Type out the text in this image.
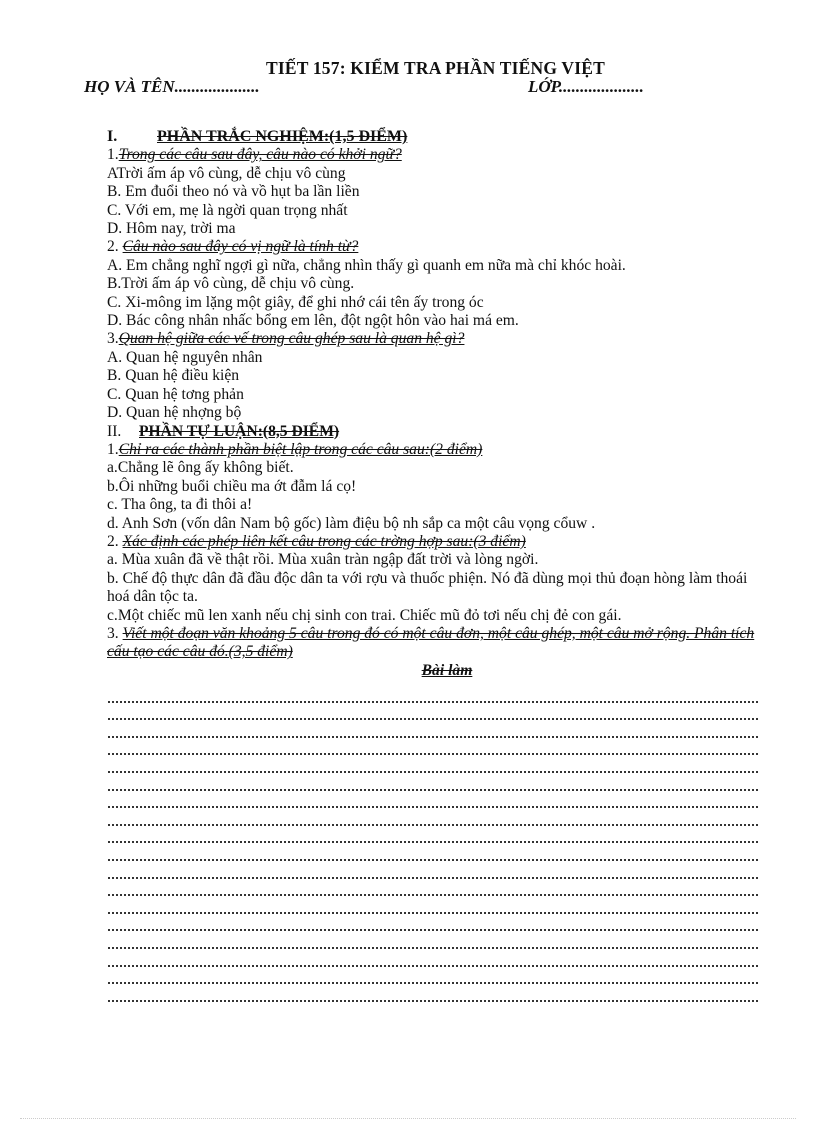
TIẾT 157: KIỂM TRA PHẦN TIẾNG VIỆT
HỌ VÀ TÊN....................	LỚP....................
I.	PHẦN TRẮC NGHIỆM:(1,5 ĐIỂM)
1.Trong các câu sau đây, câu nào có khởi ngữ?
ATrời ấm áp vô cùng, dễ chịu vô cùng
B. Em đuổi theo nó và vồ hụt ba lần liền
C. Với em, mẹ là ngời quan trọng nhất
D. Hôm nay, trời ma
2. Câu nào sau đây có vị ngữ là tính từ?
A. Em chẳng nghĩ ngợi gì nữa, chẳng nhìn thấy gì quanh em nữa mà chỉ khóc hoài.
B.Trời ấm áp vô cùng, dễ chịu vô cùng.
C. Xi-mông im lặng một giây, để ghi nhớ cái tên ấy trong óc
D. Bác công nhân nhấc bổng em lên, đột ngột hôn vào hai má em.
3.Quan hệ giữa các vế trong câu ghép sau là quan hệ gì?
A. Quan hệ nguyên nhân
B. Quan hệ điều kiện
C. Quan hệ tơng phản
D. Quan hệ nhợng bộ
II.	PHẦN TỰ LUẬN:(8,5 ĐIỂM)
1.Chỉ ra các thành phần biệt lập trong các câu sau:(2 điểm)
a.Chẳng lẽ ông ấy không biết.
b.Ôi những buổi chiều ma ớt đẫm lá cọ!
c. Tha ông, ta đi thôi a!
d. Anh Sơn (vốn dân Nam bộ gốc) làm điệu bộ nh sắp ca một câu vọng cổuw .
2. Xác định các phép liên kết câu trong các trờng hợp sau:(3 điểm)
a. Mùa xuân đã về thật rồi. Mùa xuân tràn ngập đất trời và lòng ngời.
b. Chế độ thực dân đã đầu độc dân ta với rợu và thuốc phiện. Nó đã dùng mọi thủ đoạn hòng làm thoái hoá dân tộc ta.
c.Một chiếc mũ len xanh nếu chị sinh con trai. Chiếc mũ đỏ tơi nếu chị đẻ con gái.
3. Viết một đoạn văn khoảng 5 câu trong đó có một câu đơn, một câu ghép, một câu mở rộng. Phân tích cấu tạo các câu đó.(3,5 điểm)
Bài làm
